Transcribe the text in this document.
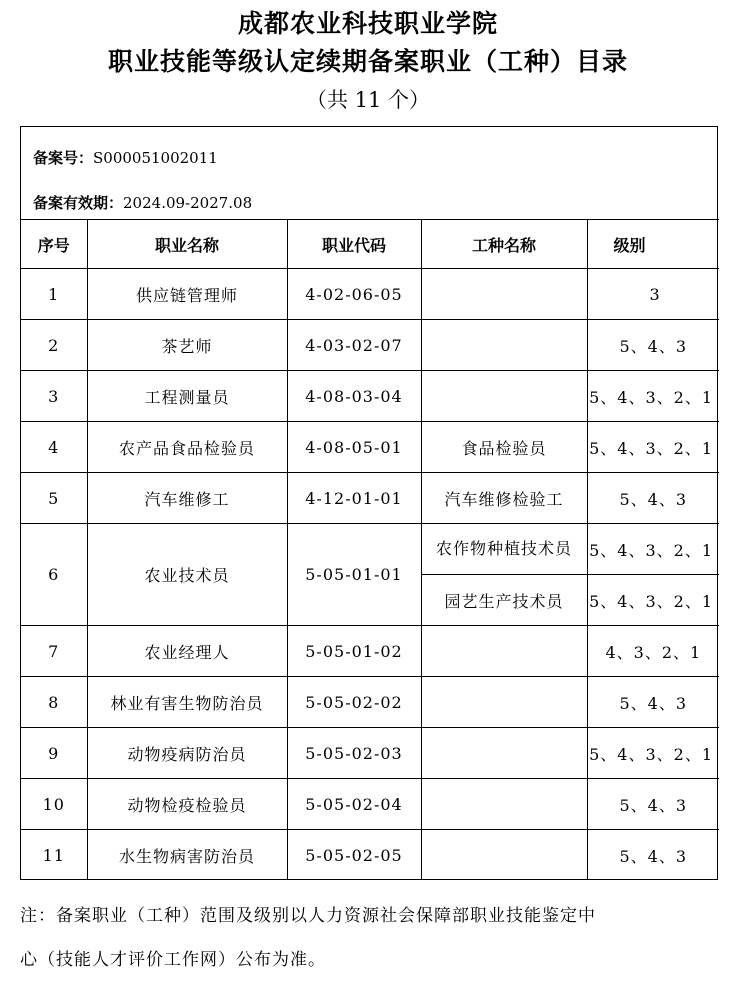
成都农业科技职业学院
职业技能等级认定续期备案职业（工种）目录
（共 11 个）
备案号：S000051002011
备案有效期：2024.09-2027.08
序号	职业名称	职业代码	工种名称	级别
1	供应链管理师	4-02-06-05		3
2	茶艺师	4-03-02-07		5、4、3
3	工程测量员	4-08-03-04		5、4、3、2、1
4	农产品食品检验员	4-08-05-01	食品检验员	5、4、3、2、1
5	汽车维修工	4-12-01-01	汽车维修检验工	5、4、3
6	农业技术员	5-05-01-01	农作物种植技术员	5、4、3、2、1
			园艺生产技术员	5、4、3、2、1
7	农业经理人	5-05-01-02		4、3、2、1
8	林业有害生物防治员	5-05-02-02		5、4、3
9	动物疫病防治员	5-05-02-03		5、4、3、2、1
10	动物检疫检验员	5-05-02-04		5、4、3
11	水生物病害防治员	5-05-02-05		5、4、3
注：备案职业（工种）范围及级别以人力资源社会保障部职业技能鉴定中
心（技能人才评价工作网）公布为准。
